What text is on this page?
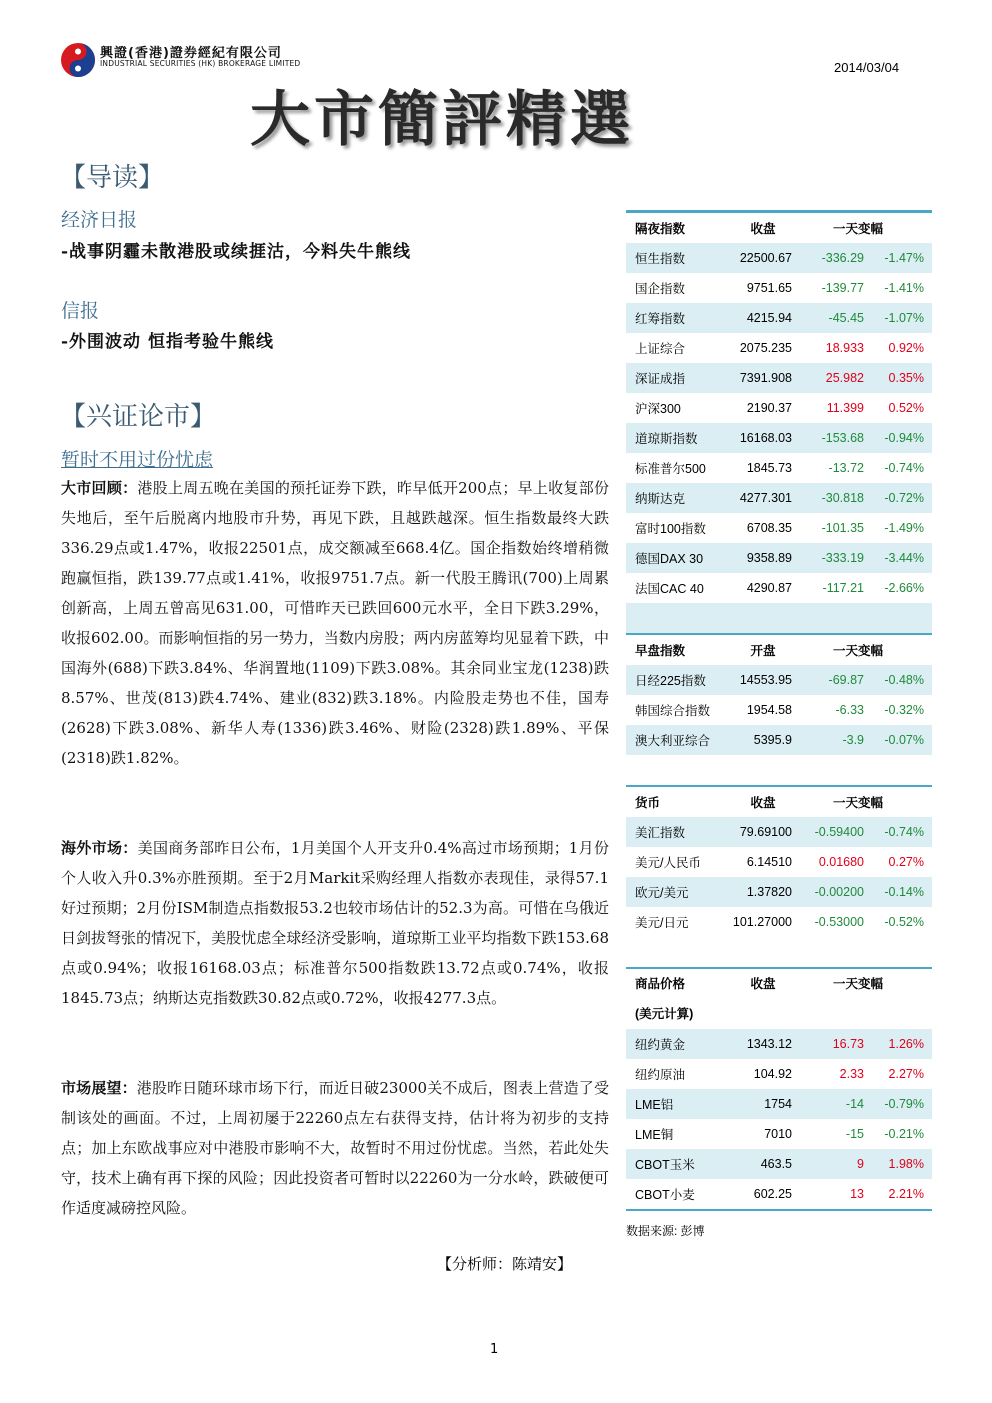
興證(香港)證券經紀有限公司
INDUSTRIAL SECURITIES (HK) BROKERAGE LIMITED	2014/03/04
大市簡評精選
【导读】
经济日报
-战事阴霾未散港股或续捱沽，今料失牛熊线
信报
-外围波动 恒指考验牛熊线
【兴证论市】
暂时不用过份忧虑
大市回顾：港股上周五晚在美国的预托证券下跌，昨早低开200点；早上收复部份失地后，至午后脱离内地股市升势，再见下跌，且越跌越深。恒生指数最终大跌336.29点或1.47%，收报22501点，成交额减至668.4亿。国企指数始终增稍微跑赢恒指，跌139.77点或1.41%，收报9751.7点。新一代股王腾讯(700)上周累创新高，上周五曾高见631.00，可惜昨天已跌回600元水平，全日下跌3.29%，收报602.00。而影响恒指的另一势力，当数内房股；两内房蓝筹均见显着下跌，中国海外(688)下跌3.84%、华润置地(1109)下跌3.08%。其余同业宝龙(1238)跌8.57%、世茂(813)跌4.74%、建业(832)跌3.18%。内险股走势也不佳，国寿(2628)下跌3.08%、新华人寿(1336)跌3.46%、财险(2328)跌1.89%、平保(2318)跌1.82%。
海外市场：美国商务部昨日公布，1月美国个人开支升0.4%高过市场预期；1月份个人收入升0.3%亦胜预期。至于2月Markit采购经理人指数亦表现佳，录得57.1好过预期；2月份ISM制造点指数报53.2也较市场估计的52.3为高。可惜在乌俄近日剑拔弩张的情况下，美股忧虑全球经济受影响，道琼斯工业平均指数下跌153.68点或0.94%；收报16168.03点；标准普尔500指数跌13.72点或0.74%，收报1845.73点；纳斯达克指数跌30.82点或0.72%，收报4277.3点。
市场展望：港股昨日随环球市场下行，而近日破23000关不成后，图表上营造了受制该处的画面。不过，上周初屡于22260点左右获得支持，估计将为初步的支持点；加上东欧战事应对中港股市影响不大，故暂时不用过份忧虑。当然，若此处失守，技术上确有再下探的风险；因此投资者可暂时以22260为一分水岭，跌破便可作适度减磅控风险。
【分析师：陈靖安】
隔夜指数	收盘	一天变幅
恒生指数	22500.67	-336.29	-1.47%
国企指数	9751.65	-139.77	-1.41%
红筹指数	4215.94	-45.45	-1.07%
上证综合	2075.235	18.933	0.92%
深证成指	7391.908	25.982	0.35%
沪深300	2190.37	11.399	0.52%
道琼斯指数	16168.03	-153.68	-0.94%
标准普尔500	1845.73	-13.72	-0.74%
纳斯达克	4277.301	-30.818	-0.72%
富时100指数	6708.35	-101.35	-1.49%
德国DAX 30	9358.89	-333.19	-3.44%
法国CAC 40	4290.87	-117.21	-2.66%
早盘指数	开盘	一天变幅
日经225指数	14553.95	-69.87	-0.48%
韩国综合指数	1954.58	-6.33	-0.32%
澳大利亚综合	5395.9	-3.9	-0.07%
货币	收盘	一天变幅
美汇指数	79.69100	-0.59400	-0.74%
美元/人民币	6.14510	0.01680	0.27%
欧元/美元	1.37820	-0.00200	-0.14%
美元/日元	101.27000	-0.53000	-0.52%
商品价格
(美元计算)
收盘	一天变幅
纽约黄金	1343.12	16.73	1.26%
纽约原油	104.92	2.33	2.27%
LME铝	1754	-14	-0.79%
LME铜	7010	-15	-0.21%
CBOT玉米	463.5	9	1.98%
CBOT小麦	602.25	13	2.21%
数据来源: 彭博
1
